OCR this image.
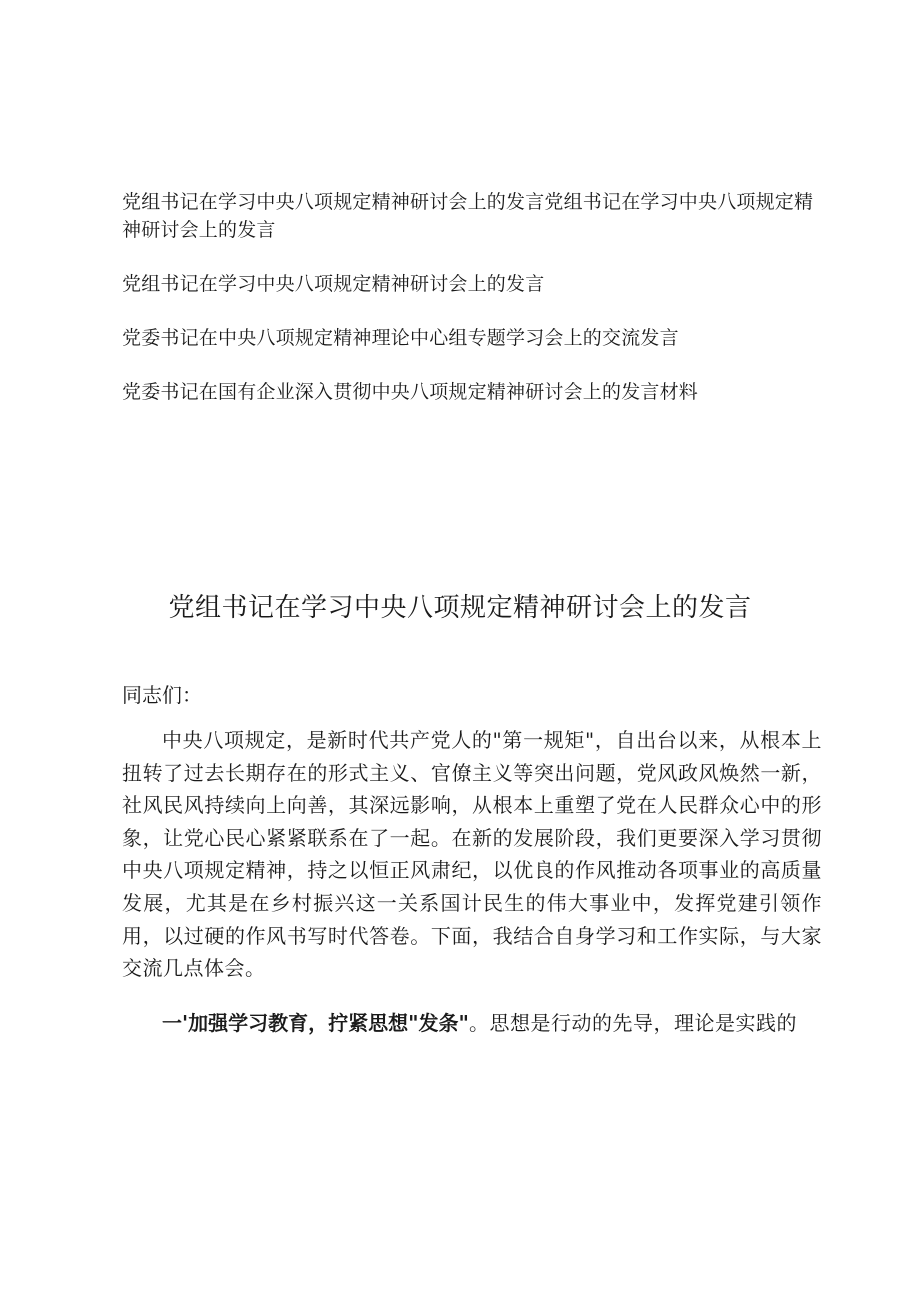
党组书记在学习中央八项规定精神研讨会上的发言党组书记在学习中央八项规定精神研讨会上的发言

党组书记在学习中央八项规定精神研讨会上的发言

党委书记在中央八项规定精神理论中心组专题学习会上的交流发言

党委书记在国有企业深入贯彻中央八项规定精神研讨会上的发言材料

党组书记在学习中央八项规定精神研讨会上的发言

同志们：

中央八项规定，是新时代共产党人的"第一规矩"，自出台以来，从根本上扭转了过去长期存在的形式主义、官僚主义等突出问题，党风政风焕然一新，社风民风持续向上向善，其深远影响，从根本上重塑了党在人民群众心中的形象，让党心民心紧紧联系在了一起。在新的发展阶段，我们更要深入学习贯彻中央八项规定精神，持之以恒正风肃纪，以优良的作风推动各项事业的高质量发展，尤其是在乡村振兴这一关系国计民生的伟大事业中，发挥党建引领作用，以过硬的作风书写时代答卷。下面，我结合自身学习和工作实际，与大家交流几点体会。

一'加强学习教育，拧紧思想"发条"。思想是行动的先导，理论是实践的
